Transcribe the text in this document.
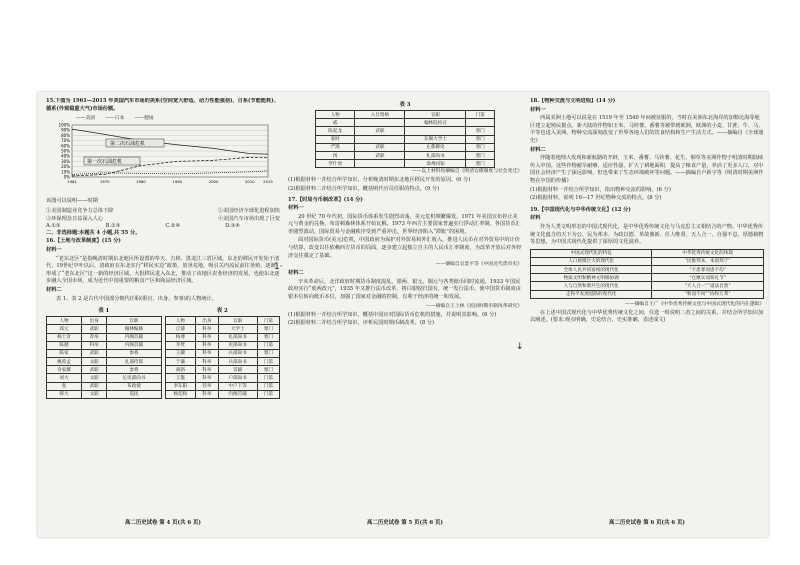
15.下图为 1961—2015 年美国汽车市场的美系(空间宽大舒适、动力性能强劲)、日系(节能能耗)、德系(外观稳重大气)市场份额。

——美国 ——日本 ——德国
0%
10%
20%
30%
40%
50%
60%
70%
80%
90%
100%
1961	1970	1980	1990	2000	2010 2015
第二次石油危机
第一次石油危机

该图可以说明——时期

①美国制造业竞争力总体下降	②美国经济全球化进程加快
③环保理念日益深入人心	④美国汽车市场出现了巨变
A.①②	B.①③	C.②④	D.③④

二、非选择题:本题共 4 小题,共 55 分。

16.【土地与改革制度】(15 分)

材料一

“老东北区”是指晚清时期东北地区所设置的奉天、吉林、黑龙江三省区域。东北的移民开发始于清代，19世纪中叶以后，清政府在东北实行“移民实边”政策，放垦荒地，吸引关内流民前往垦殖，逐渐形成了“老东北区”这一新的经济区域。大批移民进入东北，推动了该地区农业经济的发展，也使东北逐步融入全国市场，成为近代中国重要的粮食产区和商品经济区域。

材料二

表 1、表 2 是古代中国部分朝代任职(职官、出身、参事)的人物统计。

表 1
人物	出身	官职
郑元	武职	翰林编修
杨士奇	荐举	内阁首辅
陈循	科举	内阁首辅
陈家	武职	参将
姚希孟	文职	礼部侍郎
奇家耀	武职	参将
刘大	文职	长吏部尚书
张	武职	布政使
韩大	文职	巡抚
表 2
人物	出身	官职	门第
丘濬	科举	大学士	寒门
杨溥	科举	礼部尚书	寒门
李贤	科举	吏部尚书	门第
王骥	科举	兵部尚书	寒门
于谦	科举	兵部尚书	门第
商辂	科举	首辅	寒门
王鏊	科举	户部尚书	门第
李东阳	荐举	中户下等	门第
杨廷和	科举	内阁首辅	门第
高二历史试卷 第 4 页(共 6 页)
表 3
人物	入仕资格	官职	门第
戚		翰林院检讨	
陈起龙	武职		寒门
张时		东阁大学士	寒门
严嵩	武职	左都御史	寒门
汤	武职	礼部尚书	寒门
罗什瑶		漳州同知	寒门

——以上材料均摘编自《明清官僚制度与社会变迁》

(1)根据材料一并结合所学知识，分析晚清时期东北地区移民开发的原因。(6 分)

(2)根据材料二并结合所学知识，概括明代官员任职的特点。(9 分)

17.【时局与币制改革】(14 分)

材料一

20 世纪 70 年代初，国际货币体系发生剧烈动荡，美元危机频繁爆发。1971 年美国宣布停止美元与黄金的兑换，布雷顿森林体系开始瓦解。1973 年西方主要国家普遍实行浮动汇率制，各国货币汇率剧烈波动，国际贸易与金融秩序受到严重冲击，世界经济陷入“滞胀”的困境。

面对国际货币(美元)危机，中国政府为保护对外贸易和外汇收入，推进人民币在对外贸易中的计价与结算，改变以往依赖西方货币的局面，逐步建立起独立自主的人民币汇率制度，为改革开放后对外经济交往奠定了基础。

——摘编自吴景平等《中国近代货币史》

材料二

辛亥革命后，北洋政府时期货币制度混乱，银两、银元、铜元与各类纸币同时流通。1933 年国民政府实行“废两改元”，1935 年又推行法币改革，将白银收归国有，统一发行法币，使中国货币制度由银本位转向纸币本位，加强了国家对金融的控制，有利于经济的统一和发展。

——摘编自王上林《民国时期币制改革研究》

(1)根据材料一并结合所学知识，概括中国应对国际货币危机的措施，并说明其影响。(6 分)

(2)根据材料二并结合所学知识，评析民国时期币制改革。(8 分)

高二历史试卷 第 5 页(共 6 页)

18.【物种交流与文明进程】(14 分)

材料一

西属美洲土地可以说是在 1519 年至 1540 年间被征服的，当时在美洲东北海岸的加勒比海等地区建立起殖民据点。新大陆的作物如玉米、马铃薯、番薯等被带到欧洲，欧洲的小麦、甘蔗、牛、马、羊等也进入美洲。物种交流深刻改变了世界各地人们的饮食结构和生产生活方式。——摘编自《全球通史》

材料二

伴随着地理大发现和新航路的开辟，玉米、番薯、马铃薯、花生、烟草等美洲作物于明清时期陆续传入中国。这些作物耐旱耐瘠、适应性强，扩大了耕地面积，提高了粮食产量，养活了更多人口，对中国社会经济产生了深远影响，但也带来了生态环境破坏等问题。——摘编自卢新宇等《明清时期美洲作物在中国的传播》

(1)根据材料一并结合所学知识，指出物种交流的影响。(6 分)

(2)根据材料，说明 16—17 世纪物种交流的特点。(8 分)

19.【中国现代化与中华传统文化】(12 分)

材料

作为人类文明形态的中国式现代化，是中华优秀传统文化与马克思主义相结合的产物。中华优秀传统文化蕴含的天下为公、民为邦本、为政以德、革故鼎新、任人唯贤、天人合一、自强不息、厚德载物等思想，为中国式现代化提供了深厚的文化滋养。

中国式现代化的特征	中华优秀传统文化的体现
人口规模巨大的现代化	“民惟邦本，本固邦宁”
全体人民共同富裕的现代化	“不患寡而患不均”
物质文明和精神文明相协调	“仓廪实而知礼节”
人与自然和谐共生的现代化	“天人合一”“道法自然”
走和平发展道路的现代化	“和而不同”“协和万邦”

——摘编自王广《中华优秀传统文化与中国式现代化的内在逻辑》

在上述中国式现代化与中华优秀传统文化之间，任选一组说明二者之间的关系，并结合所学知识加以阐述。(要求:观点明确，史论结合，史实准确，表述成文)

高二历史试卷 第 6 页(共 6 页)
1·
↓
